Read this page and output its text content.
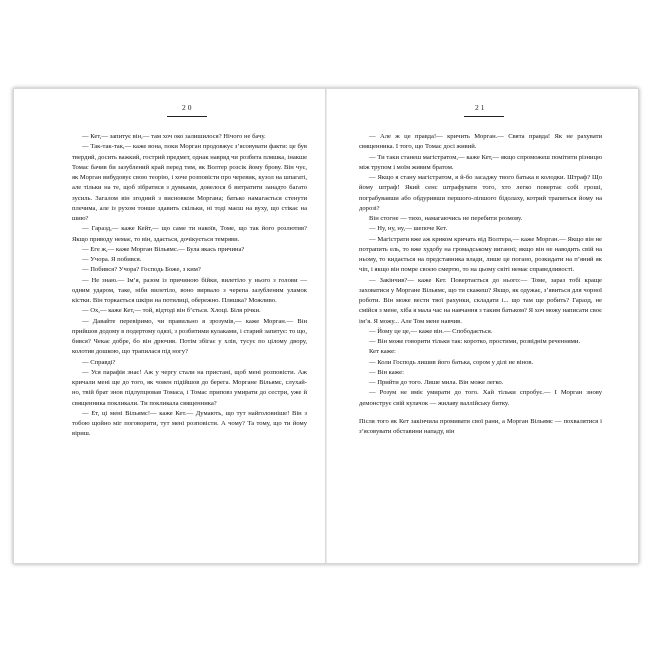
20

— Кет,— запитує він,— там хоч око залишилося? Нічого не бачу.

— Так-так-так,— каже вона, поки Морган продовжує з’ясовувати факти: це був твердий, досить важкий, гострий предмет, однак навряд чи розбита пляшка, інакше Томас бачив би зазублений край перед тим, як Волтер розсік йому брову. Він чує, як Морган вибудовує свою теорію, і хоче розповісти про черевик, кузол на шпагаті, але тільки на те, щоб зібратися з думками, довелося б витратити занадто багато зусиль. Загалом він згодний з висновком Моргана; батько намагається стенути плечима, але із рухом тонше здавить скільки, ні тоді маєш на вуху, що стікає на шию?

— Гаразд,— каже Кейт,— що саме ти накоїв, Томе, що так його розлютив? Якщо приводу немає, то він, здається, дочікується темряви.

— Еге ж,— каже Морган Вільямс.— Була якась причина?

— Учора. Я побився.

— Побився? Учора? Господь Боже, з ким?

— Не знаю.— Ім’я, разом із причиною бійки, вилетіло у нього з голови — одним ударом, таке, ніби вилетіло, воно вирвало з черепа зазубленим уламок кістки. Він торкається шкіри на потилиці, обережно. Пляшка? Можливо.

— Ох,— каже Кет,— той, відтоді він б’ється. Хлоці. Біля річки.

— Давайте перевіримо, чи правильно я зрозумів,— каже Морган.— Він прийшов додому в подертому одязі, з розбитими кулаками, і старий запитує: то що, бився? Чекає добре, бо він дрючив. Потім збігає у хлів, тусує по цілому двору, колотив дошкою, що трапилася під ногу?

— Справді?

— Уся парафія знає! Аж у чергу стали на пристані, щоб мені розповісти. Аж кричали мені ще до того, як човен підійшов до берега. Моргане Вільямс, слухай-но, твій брат знов підлупцював Томаса, і Томас приповз умирати до сестри, уже й священника покликали. Ти покликала священника?

— Ет, ці мені Вільямс!— каже Кет.— Думають, що тут найголовніше! Він з тобою щойно міг поговорити, тут мені розповісти. А чому? Та тому, що ти йому віриш.

21

— Але ж це правда!— кричить Морган.— Свята правда! Як не рахувати священника. І того, що Томас досі живий.

— Ти таки станеш магістратом,— каже Кет,— якщо спроможеш помітити різницю між трупом і моїм живим братом.

— Якщо я стану магістратом, я й-бо засаджу твого батька в колодки. Штраф? Що йому штраф! Який сенс штрафувати того, хто легко повертає собі гроші, пограбувавши або обдуривши першого-ліпшого бідолаху, котрий трапиться йому на дорозі?

Він стогне — тихо, намагаючись не перебити розмову.

— Ну, ну, ну,— шепоче Кет.

— Магістрати вже аж криком кричать від Волтера,— каже Морган.— Якщо він не потрапить ель, то вже худобу на громадському виганні; якщо він не наводить свій на ньому, то кидається на представника влади, лише це погано, розкидати на п’яний як чіп, і якщо він помре своєю смертю, то на цьому світі немає справедливості.

— Закінчив?— каже Кет. Повертається до нього:— Томе, зараз тобі краще заховатися у Моргане Вільямс, що ти скажеш? Якщо, як одужає, з’явиться для чорної роботи. Він може вести твої рахунки, складати і... що там ще робить? Гаразд, не смійся з мене, хіба я мала час на навчання з таким батьком? Я хоч можу написати своє ім’я. Я можу... Але Том мене навчив.

— Йому це це,— каже він.— Спободається.

— Він може говорити тільки так: коротко, простими, розвіднім реченнями.

Кет каже:

— Коли Господь лишив його батька, сором у ділі не вінов.

— Він каже:

— Прийти до того. Лише мила. Він може легко.

— Розум не вміє умирати до того. Хай тільки спробує.— І Морган знову демонструє свій кулачок — жилаву валлійську битку.

Після того як Кет закінчила промивати свої рани, а Морган Вільямс — похвалятися і з’ясовувати обставини нападу, він
